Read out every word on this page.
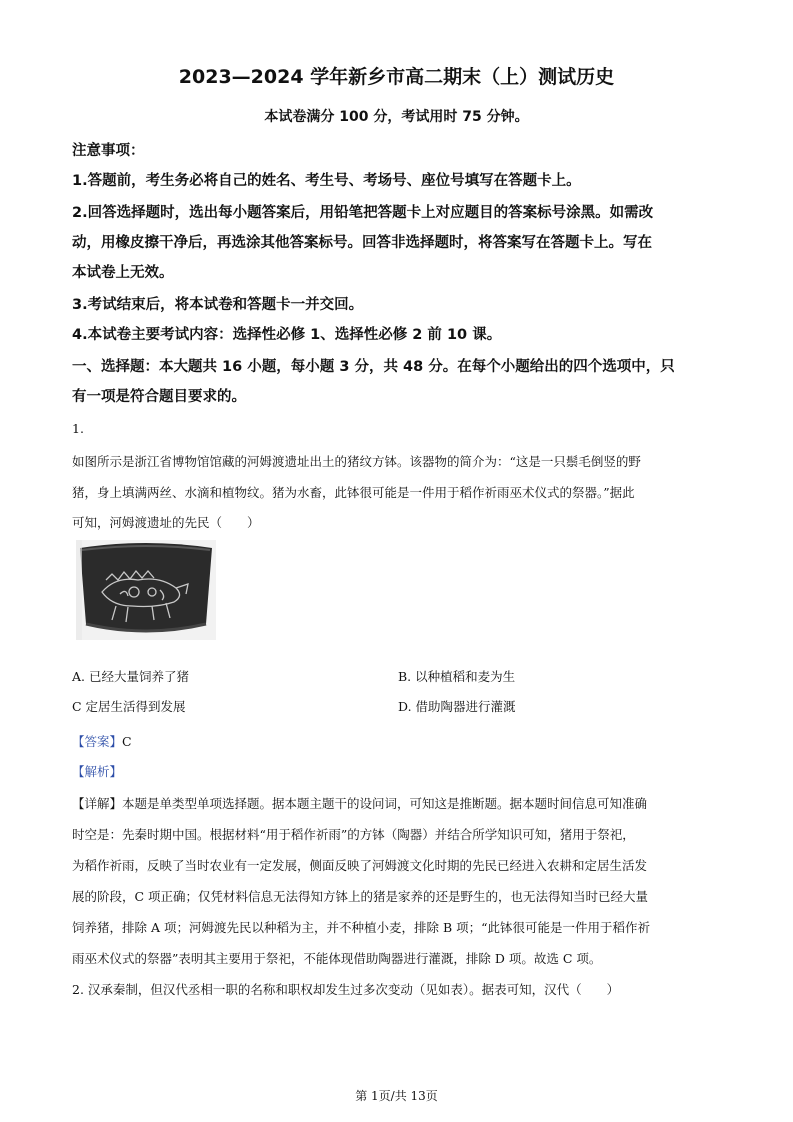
2023—2024 学年新乡市高二期末（上）测试历史
本试卷满分 100 分，考试用时 75 分钟。
注意事项：
1.答题前，考生务必将自己的姓名、考生号、考场号、座位号填写在答题卡上。
2.回答选择题时，选出每小题答案后，用铅笔把答题卡上对应题目的答案标号涂黑。如需改
动，用橡皮擦干净后，再选涂其他答案标号。回答非选择题时，将答案写在答题卡上。写在
本试卷上无效。
3.考试结束后，将本试卷和答题卡一并交回。
4.本试卷主要考试内容：选择性必修 1、选择性必修 2 前 10 课。
一、选择题：本大题共 16 小题，每小题 3 分，共 48 分。在每个小题给出的四个选项中，只
有一项是符合题目要求的。
1.
如图所示是浙江省博物馆馆藏的河姆渡遗址出土的猪纹方钵。该器物的简介为：“这是一只鬃毛倒竖的野
猪，身上填满两丝、水滴和植物纹。猪为水畜，此钵很可能是一件用于稻作祈雨巫术仪式的祭器。”据此
可知，河姆渡遗址的先民（　　）
A. 已经大量饲养了猪	B. 以种植稻和麦为生
C 定居生活得到发展	D. 借助陶器进行灌溉
【答案】C
【解析】
【详解】本题是单类型单项选择题。据本题主题干的设问词，可知这是推断题。据本题时间信息可知准确
时空是：先秦时期中国。根据材料“用于稻作祈雨”的方钵（陶器）并结合所学知识可知，猪用于祭祀，
为稻作祈雨，反映了当时农业有一定发展，侧面反映了河姆渡文化时期的先民已经进入农耕和定居生活发
展的阶段，C 项正确；仅凭材料信息无法得知方钵上的猪是家养的还是野生的，也无法得知当时已经大量
饲养猪，排除 A 项；河姆渡先民以种稻为主，并不种植小麦，排除 B 项；“此钵很可能是一件用于稻作祈
雨巫术仪式的祭器”表明其主要用于祭祀，不能体现借助陶器进行灌溉，排除 D 项。故选 C 项。
2. 汉承秦制，但汉代丞相一职的名称和职权却发生过多次变动（见如表）。据表可知，汉代（　　）
第 1页/共 13页
